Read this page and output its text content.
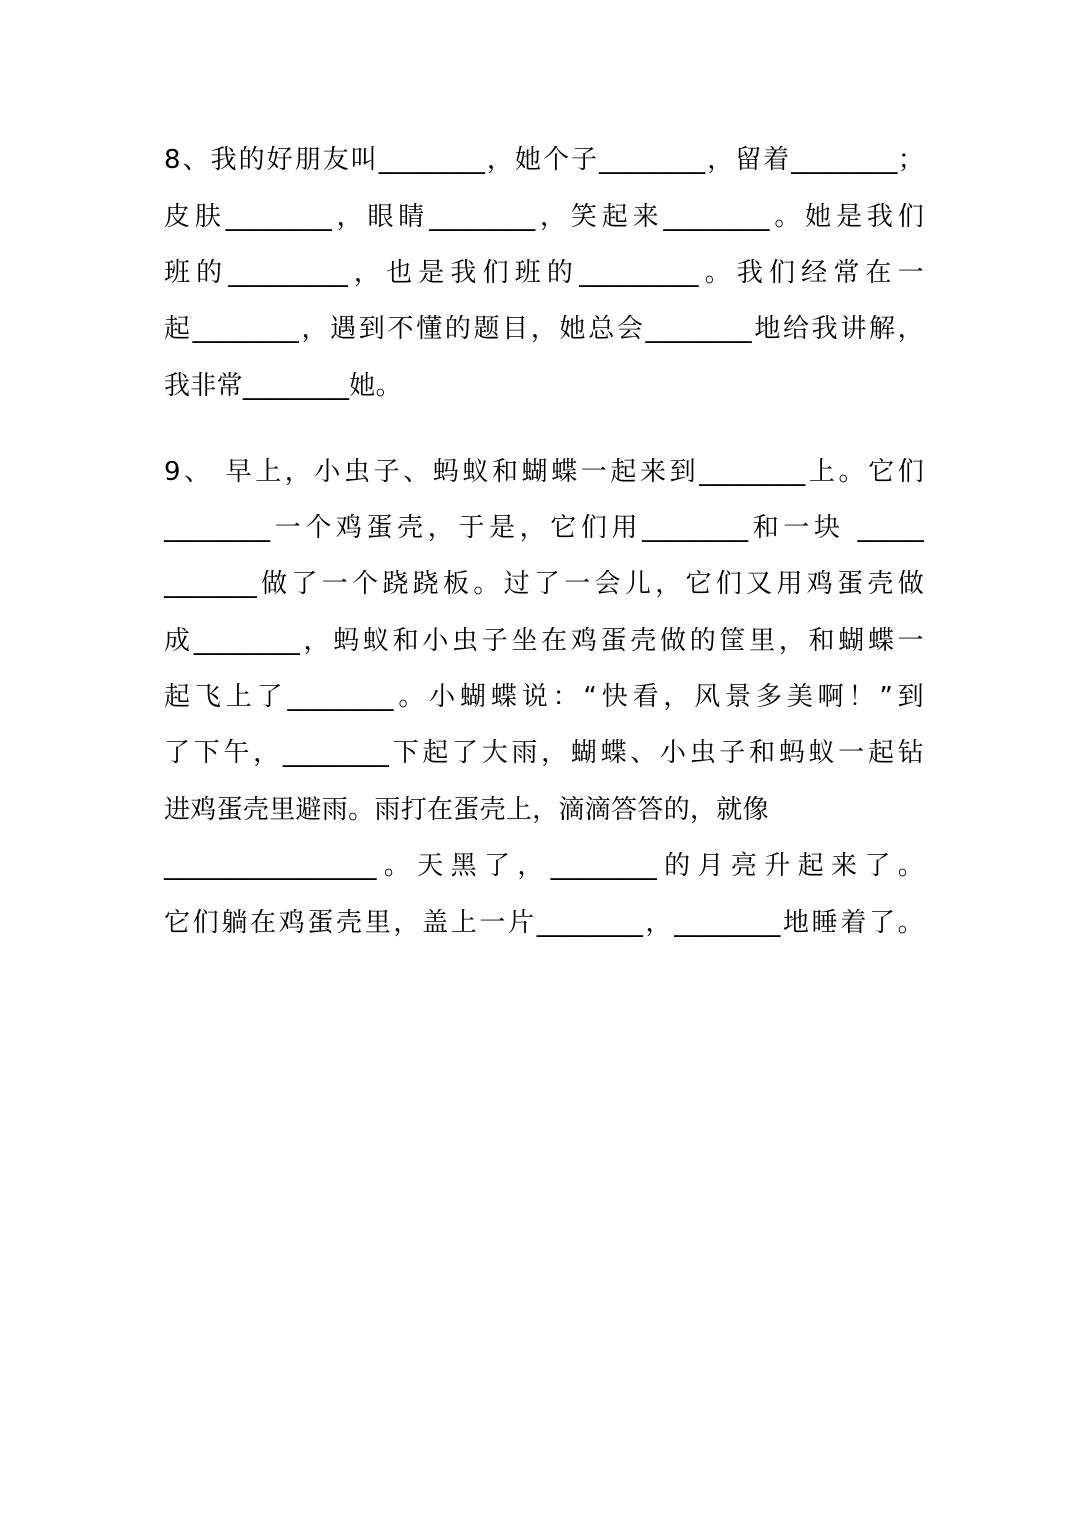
8、我的好朋友叫________，她个子________，留着________；
皮肤________，眼睛________，笑起来________。她是我们
班的_________，也是我们班的_________。我们经常在一
起________，遇到不懂的题目，她总会________地给我讲解，
我非常________她。
9、 早上，小虫子、蚂蚁和蝴蝶一起来到________上。它们
________一个鸡蛋壳，于是，它们用________和一块 _____
_______做了一个跷跷板。过了一会儿，它们又用鸡蛋壳做
成________，蚂蚁和小虫子坐在鸡蛋壳做的筐里，和蝴蝶一
起飞上了________。小蝴蝶说：“快看，风景多美啊！”到
了下午，________下起了大雨，蝴蝶、小虫子和蚂蚁一起钻
进鸡蛋壳里避雨。雨打在蛋壳上，滴滴答答的，就像
________________。天黑了，________的月亮升起来了。
它们躺在鸡蛋壳里，盖上一片________，________地睡着了。
